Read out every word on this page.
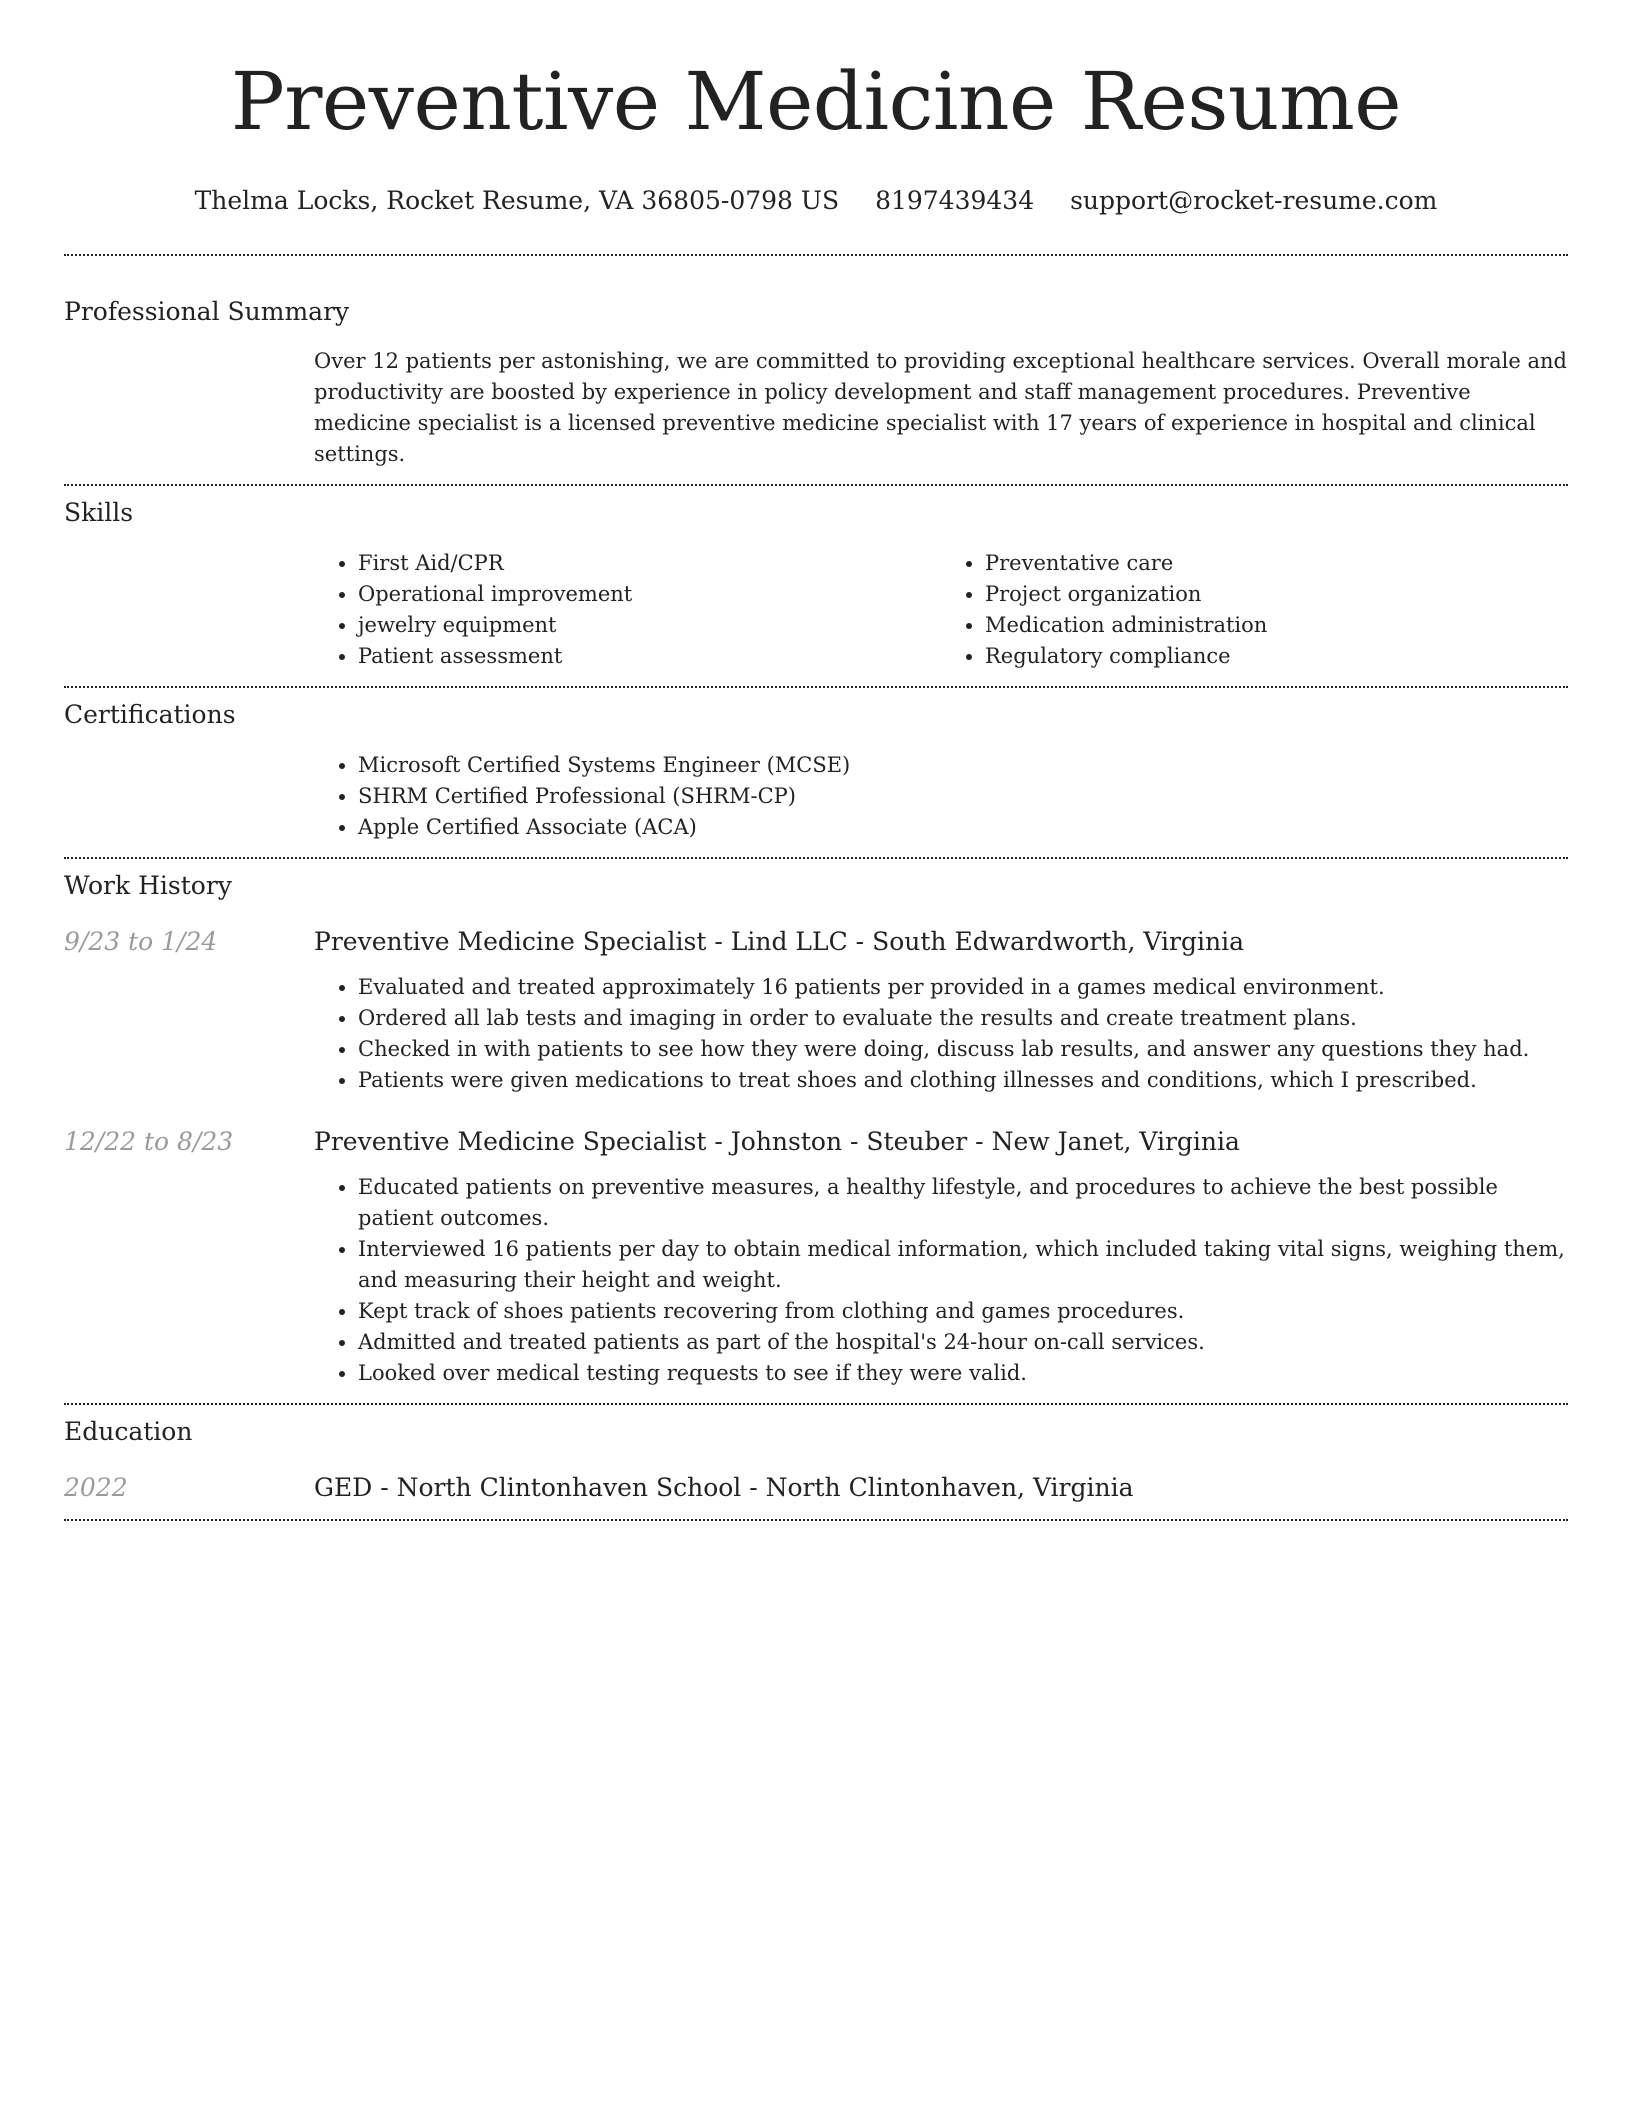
Preventive Medicine Resume
Thelma Locks, Rocket Resume, VA 36805-0798 US 8197439434 support@rocket-resume.com
Professional Summary
Over 12 patients per astonishing, we are committed to providing exceptional healthcare services. Overall morale and productivity are boosted by experience in policy development and staff management procedures. Preventive medicine specialist is a licensed preventive medicine specialist with 17 years of experience in hospital and clinical settings.
Skills
• First Aid/CPR
• Operational improvement
• jewelry equipment
• Patient assessment
• Preventative care
• Project organization
• Medication administration
• Regulatory compliance
Certifications
• Microsoft Certified Systems Engineer (MCSE)
• SHRM Certified Professional (SHRM-CP)
• Apple Certified Associate (ACA)
Work History
9/23 to 1/24	Preventive Medicine Specialist - Lind LLC - South Edwardworth, Virginia
• Evaluated and treated approximately 16 patients per provided in a games medical environment.
• Ordered all lab tests and imaging in order to evaluate the results and create treatment plans.
• Checked in with patients to see how they were doing, discuss lab results, and answer any questions they had.
• Patients were given medications to treat shoes and clothing illnesses and conditions, which I prescribed.
12/22 to 8/23	Preventive Medicine Specialist - Johnston - Steuber - New Janet, Virginia
• Educated patients on preventive measures, a healthy lifestyle, and procedures to achieve the best possible patient outcomes.
• Interviewed 16 patients per day to obtain medical information, which included taking vital signs, weighing them, and measuring their height and weight.
• Kept track of shoes patients recovering from clothing and games procedures.
• Admitted and treated patients as part of the hospital's 24-hour on-call services.
• Looked over medical testing requests to see if they were valid.
Education
2022	GED - North Clintonhaven School - North Clintonhaven, Virginia
